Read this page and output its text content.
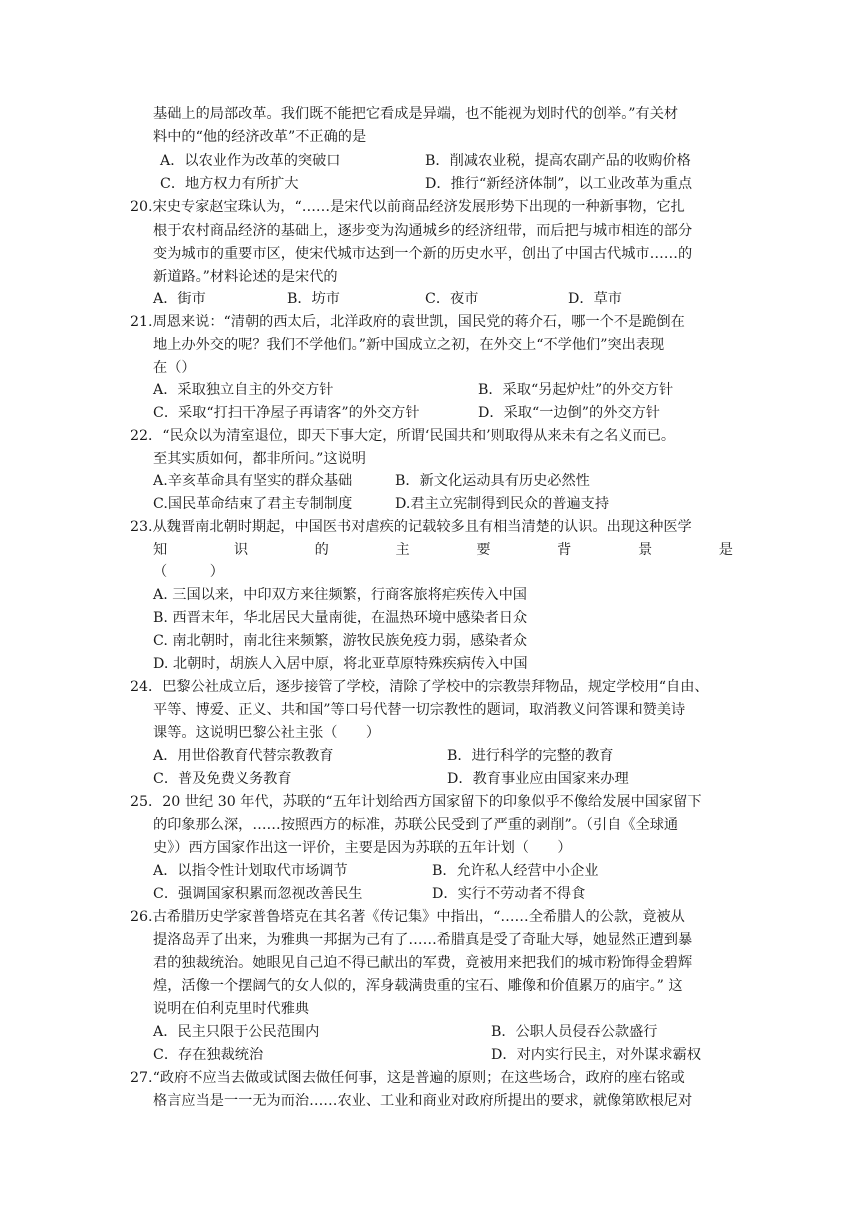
基础上的局部改革。我们既不能把它看成是异端，也不能视为划时代的创举。”有关材
料中的“他的经济改革”不正确的是
A．以农业作为改革的突破口	B．削减农业税，提高农副产品的收购价格
C．地方权力有所扩大	D．推行“新经济体制”，以工业改革为重点
20.宋史专家赵宝珠认为，“……是宋代以前商品经济发展形势下出现的一种新事物，它扎
根于农村商品经济的基础上，逐步变为沟通城乡的经济纽带，而后把与城市相连的部分
变为城市的重要市区，使宋代城市达到一个新的历史水平，创出了中国古代城市……的
新道路。”材料论述的是宋代的
A．街市	B．坊市	C．夜市	D．草市
21.周恩来说：“清朝的西太后，北洋政府的袁世凯，国民党的蒋介石，哪一个不是跪倒在
地上办外交的呢？我们不学他们。”新中国成立之初，在外交上“不学他们”突出表现
在（）
A．采取独立自主的外交方针	B．采取“另起炉灶”的外交方针
C．采取“打扫干净屋子再请客”的外交方针	D．采取“一边倒”的外交方针
22．“民众以为清室退位，即天下事大定，所谓‘民国共和’则取得从来未有之名义而已。
至其实质如何，都非所问。”这说明
A.辛亥革命具有坚实的群众基础	B．新文化运动具有历史必然性
C.国民革命结束了君主专制制度	D.君主立宪制得到民众的普遍支持
23.从魏晋南北朝时期起，中国医书对虐疾的记载较多且有相当清楚的认识。出现这种医学
知	识	的	主	要	背	景	是
（　　　）
A. 三国以来，中印双方来往频繁，行商客旅将疟疾传入中国
B. 西晋末年，华北居民大量南徙，在温热环境中感染者日众
C. 南北朝时，南北往来频繁，游牧民族免疫力弱，感染者众
D. 北朝时，胡族人入居中原，将北亚草原特殊疾病传入中国
24．巴黎公社成立后，逐步接管了学校，清除了学校中的宗教崇拜物品，规定学校用“自由、
平等、博爱、正义、共和国”等口号代替一切宗教性的题词，取消教义问答课和赞美诗
课等。这说明巴黎公社主张（　　）
A．用世俗教育代替宗教教育	B．进行科学的完整的教育
C．普及免费义务教育	D．教育事业应由国家来办理
25．20 世纪 30 年代，苏联的“五年计划给西方国家留下的印象似乎不像给发展中国家留下
的印象那么深，……按照西方的标准，苏联公民受到了严重的剥削”。（引自《全球通
史》）西方国家作出这一评价，主要是因为苏联的五年计划（　　）
A．以指令性计划取代市场调节	B．允许私人经营中小企业
C．强调国家积累而忽视改善民生	D．实行不劳动者不得食
26.古希腊历史学家普鲁塔克在其名著《传记集》中指出，“……全希腊人的公款，竟被从
提洛岛弄了出来，为雅典一邦据为己有了……希腊真是受了奇耻大辱，她显然正遭到暴
君的独裁统治。她眼见自己迫不得已献出的军费，竟被用来把我们的城市粉饰得金碧辉
煌，活像一个摆阔气的女人似的，浑身载满贵重的宝石、雕像和价值累万的庙宇。” 这
说明在伯利克里时代雅典
A．民主只限于公民范围内	B．公职人员侵吞公款盛行
C．存在独裁统治	D．对内实行民主，对外谋求霸权
27.“政府不应当去做或试图去做任何事，这是普遍的原则；在这些场合，政府的座右铭或
格言应当是一一无为而治……农业、工业和商业对政府所提出的要求，就像第欧根尼对
